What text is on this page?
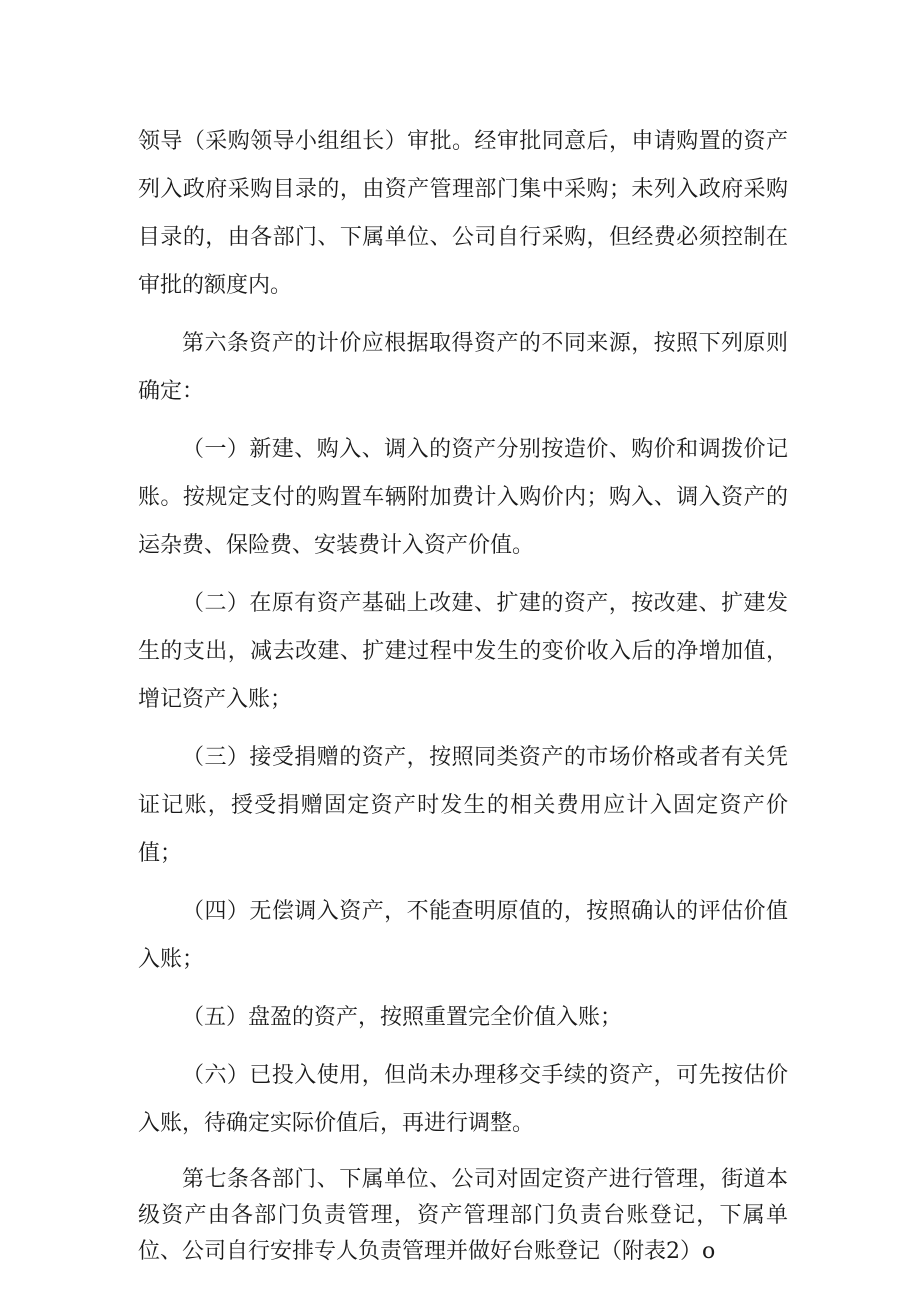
领导（采购领导小组组长）审批。经审批同意后，申请购置的资产列入政府采购目录的，由资产管理部门集中采购；未列入政府采购目录的，由各部门、下属单位、公司自行采购，但经费必须控制在审批的额度内。

第六条资产的计价应根据取得资产的不同来源，按照下列原则确定：

（一）新建、购入、调入的资产分别按造价、购价和调拨价记账。按规定支付的购置车辆附加费计入购价内；购入、调入资产的运杂费、保险费、安装费计入资产价值。

（二）在原有资产基础上改建、扩建的资产，按改建、扩建发生的支出，减去改建、扩建过程中发生的变价收入后的净增加值，增记资产入账；

（三）接受捐赠的资产，按照同类资产的市场价格或者有关凭证记账，授受捐赠固定资产时发生的相关费用应计入固定资产价值；

（四）无偿调入资产，不能查明原值的，按照确认的评估价值入账；

（五）盘盈的资产，按照重置完全价值入账；

（六）已投入使用，但尚未办理移交手续的资产，可先按估价入账，待确定实际价值后，再进行调整。

第七条各部门、下属单位、公司对固定资产进行管理，街道本级资产由各部门负责管理，资产管理部门负责台账登记，下属单位、公司自行安排专人负责管理并做好台账登记（附表2）o
